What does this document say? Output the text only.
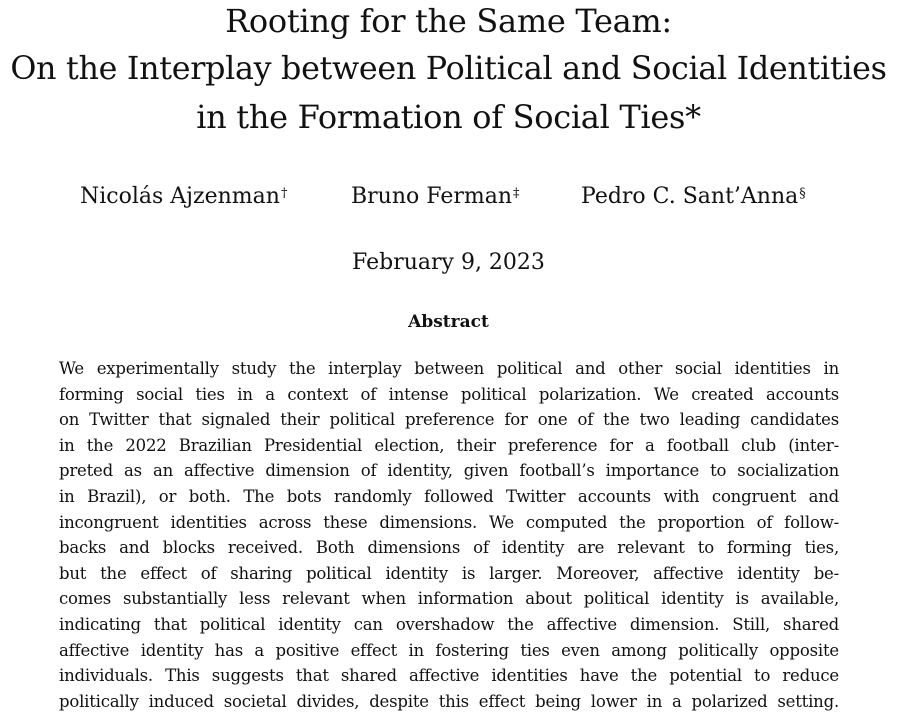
Rooting for the Same Team:
On the Interplay between Political and Social Identities
in the Formation of Social Ties*
Nicolás Ajzenman†	Bruno Ferman‡	Pedro C. Sant’Anna§
February 9, 2023
Abstract
We experimentally study the interplay between political and other social identities in
forming social ties in a context of intense political polarization. We created accounts
on Twitter that signaled their political preference for one of the two leading candidates
in the 2022 Brazilian Presidential election, their preference for a football club (inter-
preted as an affective dimension of identity, given football’s importance to socialization
in Brazil), or both. The bots randomly followed Twitter accounts with congruent and
incongruent identities across these dimensions. We computed the proportion of follow-
backs and blocks received. Both dimensions of identity are relevant to forming ties,
but the effect of sharing political identity is larger. Moreover, affective identity be-
comes substantially less relevant when information about political identity is available,
indicating that political identity can overshadow the affective dimension. Still, shared
affective identity has a positive effect in fostering ties even among politically opposite
individuals. This suggests that shared affective identities have the potential to reduce
politically induced societal divides, despite this effect being lower in a polarized setting.
